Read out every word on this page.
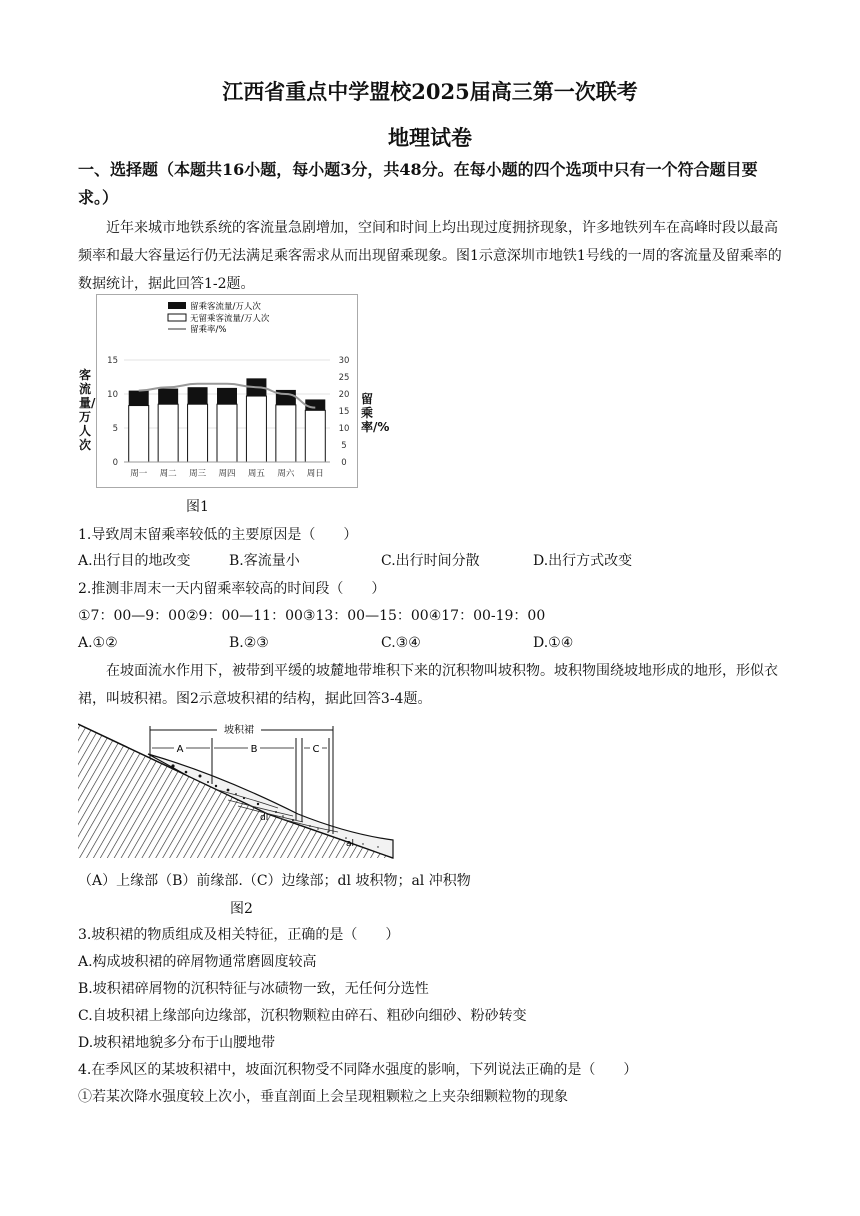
江西省重点中学盟校2025届高三第一次联考
地理试卷
一、选择题（本题共16小题，每小题3分，共48分。在每小题的四个选项中只有一个符合题目要求。）
近年来城市地铁系统的客流量急剧增加，空间和时间上均出现过度拥挤现象，许多地铁列车在高峰时段以最高频率和最大容量运行仍无法满足乘客需求从而出现留乘现象。图1示意深圳市地铁1号线的一周的客流量及留乘率的数据统计，据此回答1-2题。
留乘客流量/万人次
无留乘客流量/万人次
留乘率/%
0
5
10
15
0
5
10
15
20
25
30
周一 周二 周三 周四 周五 周六 周日
客流量/万人次
留乘率/%
图1
1.导致周末留乘率较低的主要原因是（　　）
A.出行目的地改变	B.客流量小	C.出行时间分散	D.出行方式改变
2.推测非周末一天内留乘率较高的时间段（　　）
①7：00—9：00②9：00—11：00③13：00—15：00④17：00-19：00
A.①②	B.②③	C.③④	D.①④
在坡面流水作用下，被带到平缓的坡麓地带堆积下来的沉积物叫坡积物。坡积物围绕坡地形成的地形，形似衣裙，叫坡积裙。图2示意坡积裙的结构，据此回答3-4题。
坡积裙
A	B	C
dl
al
（A）上缘部（B）前缘部.（C）边缘部；dl 坡积物；al 冲积物
图2
3.坡积裙的物质组成及相关特征，正确的是（　　）
A.构成坡积裙的碎屑物通常磨圆度较高
B.坡积裙碎屑物的沉积特征与冰碛物一致，无任何分选性
C.自坡积裙上缘部向边缘部，沉积物颗粒由碎石、粗砂向细砂、粉砂转变
D.坡积裙地貌多分布于山腰地带
4.在季风区的某坡积裙中，坡面沉积物受不同降水强度的影响，下列说法正确的是（　　）
①若某次降水强度较上次小，垂直剖面上会呈现粗颗粒之上夹杂细颗粒物的现象
